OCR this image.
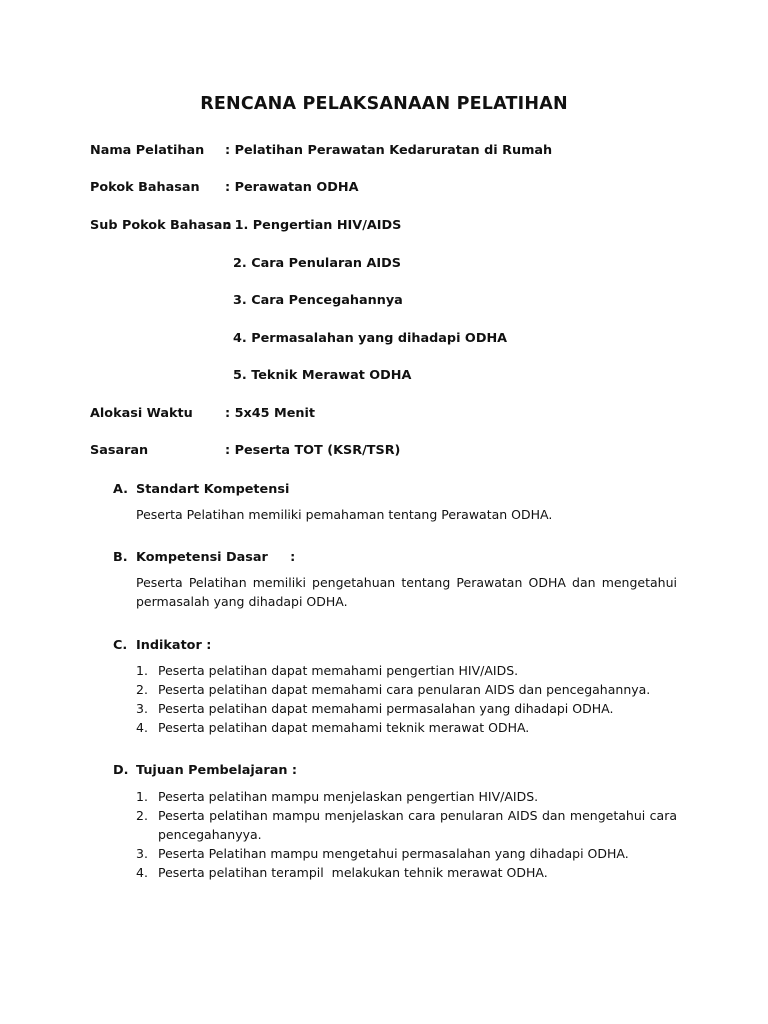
RENCANA PELAKSANAAN PELATIHAN
Nama Pelatihan : Pelatihan Perawatan Kedaruratan di Rumah
Pokok Bahasan : Perawatan ODHA
Sub Pokok Bahasan
: 1. Pengertian HIV/AIDS
2. Cara Penularan AIDS
3. Cara Pencegahannya
4. Permasalahan yang dihadapi ODHA
5. Teknik Merawat ODHA
Alokasi Waktu	: 5x45 Menit
Sasaran	: Peserta TOT (KSR/TSR)
A. Standart Kompetensi
Peserta Pelatihan memiliki pemahaman tentang Perawatan ODHA.
B. Kompetensi Dasar     :
Peserta Pelatihan memiliki pengetahuan tentang Perawatan ODHA dan mengetahui permasalah yang dihadapi ODHA.
C. Indikator :
1. Peserta pelatihan dapat memahami pengertian HIV/AIDS.
2. Peserta pelatihan dapat memahami cara penularan AIDS dan pencegahannya.
3. Peserta pelatihan dapat memahami permasalahan yang dihadapi ODHA.
4. Peserta pelatihan dapat memahami teknik merawat ODHA.
D. Tujuan Pembelajaran :
1. Peserta pelatihan mampu menjelaskan pengertian HIV/AIDS.
2. Peserta pelatihan mampu menjelaskan cara penularan AIDS dan mengetahui cara pencegahanyya.
3. Peserta Pelatihan mampu mengetahui permasalahan yang dihadapi ODHA.
4. Peserta pelatihan terampil  melakukan tehnik merawat ODHA.
